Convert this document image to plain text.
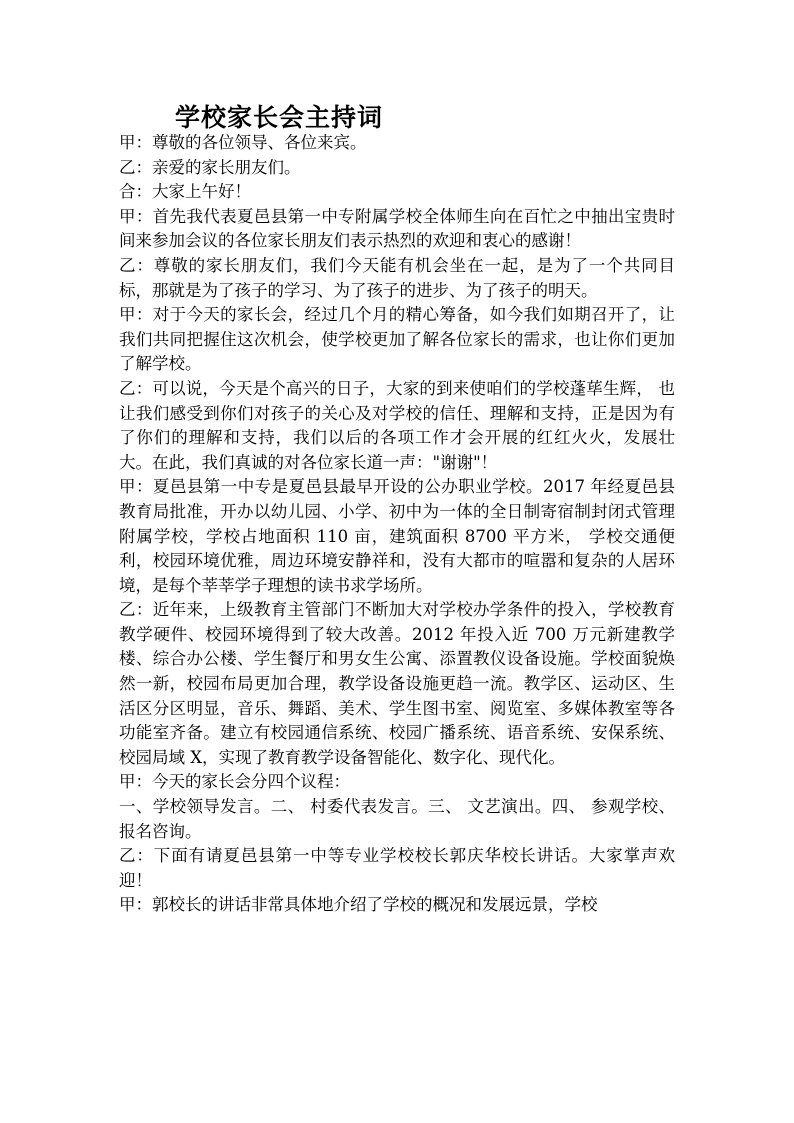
学校家长会主持词

甲：尊敬的各位领导、各位来宾。

乙：亲爱的家长朋友们。

合：大家上午好！

甲：首先我代表夏邑县第一中专附属学校全体师生向在百忙之中抽出宝贵时间来参加会议的各位家长朋友们表示热烈的欢迎和衷心的感谢！

乙：尊敬的家长朋友们，我们今天能有机会坐在一起，是为了一个共同目标，那就是为了孩子的学习、为了孩子的进步、为了孩子的明天。

甲：对于今天的家长会，经过几个月的精心筹备，如今我们如期召开了，让我们共同把握住这次机会，使学校更加了解各位家长的需求，也让你们更加了解学校。

乙：可以说，今天是个高兴的日子，大家的到来使咱们的学校蓬荜生辉， 也让我们感受到你们对孩子的关心及对学校的信任、理解和支持，正是因为有了你们的理解和支持，我们以后的各项工作才会开展的红红火火，发展壮大。在此，我们真诚的对各位家长道一声："谢谢"！

甲：夏邑县第一中专是夏邑县最早开设的公办职业学校。2017 年经夏邑县教育局批准，开办以幼儿园、小学、初中为一体的全日制寄宿制封闭式管理附属学校，学校占地面积 110 亩，建筑面积 8700 平方米， 学校交通便利，校园环境优雅，周边环境安静祥和，没有大都市的喧嚣和复杂的人居环境，是每个莘莘学子理想的读书求学场所。

乙：近年来，上级教育主管部门不断加大对学校办学条件的投入，学校教育教学硬件、校园环境得到了较大改善。2012 年投入近 700 万元新建教学楼、综合办公楼、学生餐厅和男女生公寓、添置教仪设备设施。学校面貌焕然一新，校园布局更加合理，教学设备设施更趋一流。教学区、运动区、生活区分区明显，音乐、舞蹈、美术、学生图书室、阅览室、多媒体教室等各功能室齐备。建立有校园通信系统、校园广播系统、语音系统、安保系统、校园局域 X，实现了教育教学设备智能化、数字化、现代化。

甲：今天的家长会分四个议程：

一、学校领导发言。二、 村委代表发言。三、 文艺演出。四、 参观学校、报名咨询。

乙：下面有请夏邑县第一中等专业学校校长郭庆华校长讲话。大家掌声欢迎！

甲：郭校长的讲话非常具体地介绍了学校的概况和发展远景，学校
